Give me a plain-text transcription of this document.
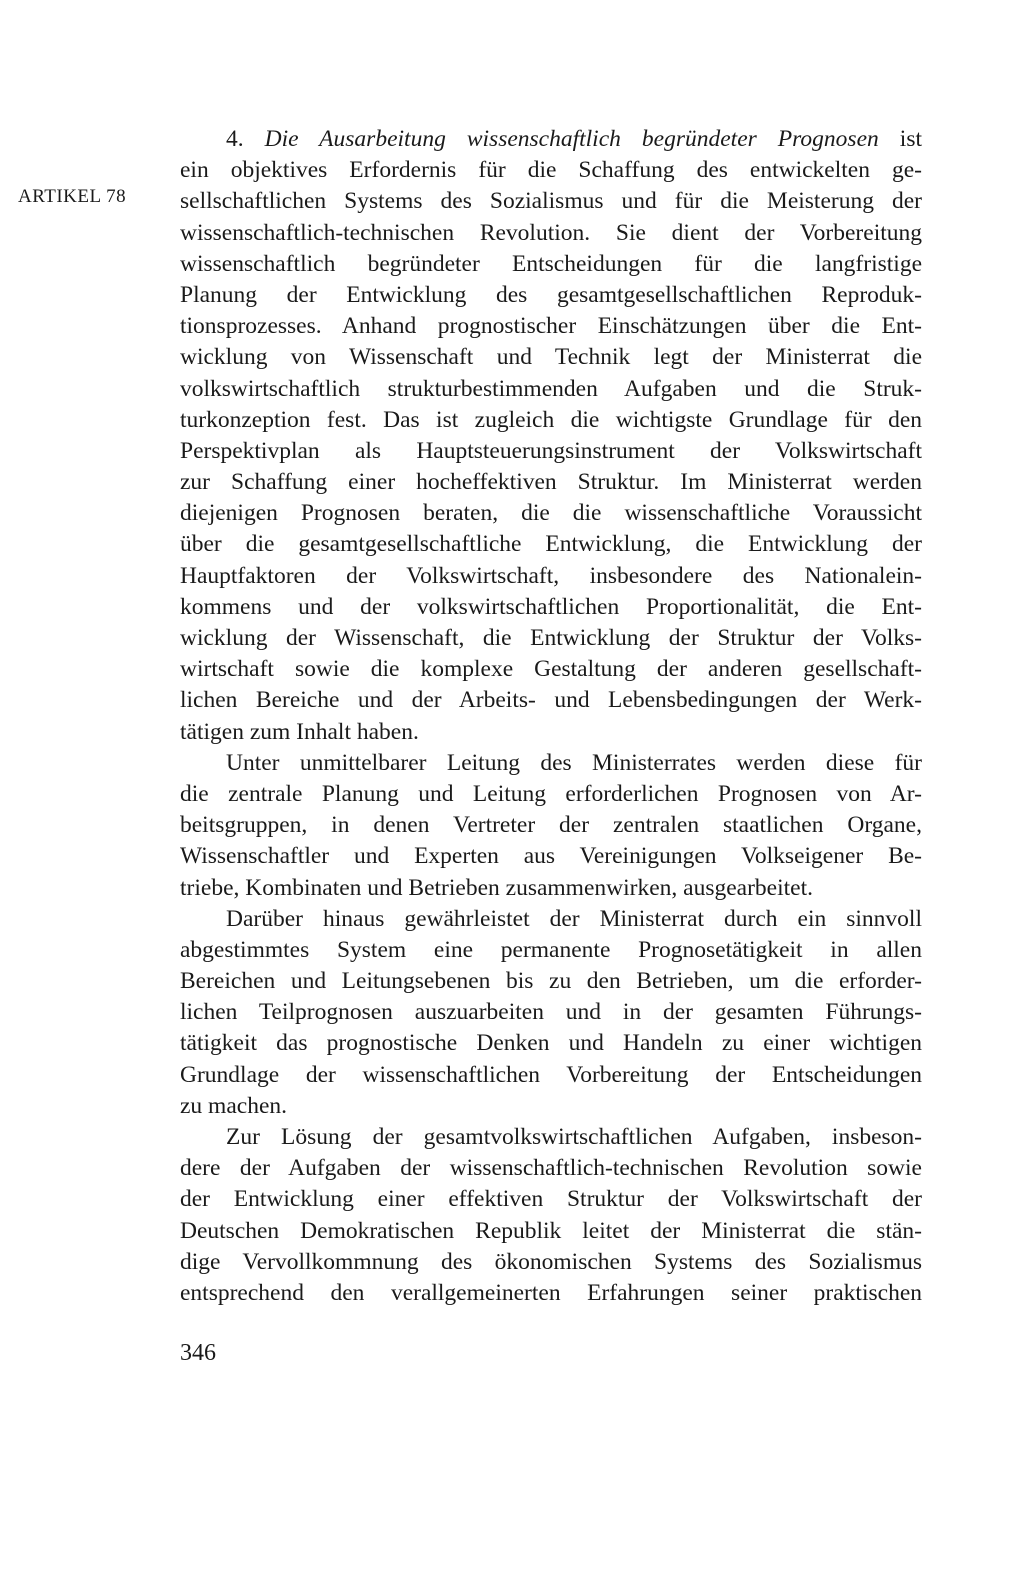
ARTIKEL 78
4. Die Ausarbeitung wissenschaftlich begründeter Prognosen ist
ein objektives Erfordernis für die Schaffung des entwickelten ge-
sellschaftlichen Systems des Sozialismus und für die Meisterung der
wissenschaftlich-technischen Revolution. Sie dient der Vorbereitung
wissenschaftlich begründeter Entscheidungen für die langfristige
Planung der Entwicklung des gesamtgesellschaftlichen Reproduk-
tionsprozesses. Anhand prognostischer Einschätzungen über die Ent-
wicklung von Wissenschaft und Technik legt der Ministerrat die
volkswirtschaftlich strukturbestimmenden Aufgaben und die Struk-
turkonzeption fest. Das ist zugleich die wichtigste Grundlage für den
Perspektivplan als Hauptsteuerungsinstrument der Volkswirtschaft
zur Schaffung einer hocheffektiven Struktur. Im Ministerrat werden
diejenigen Prognosen beraten, die die wissenschaftliche Voraussicht
über die gesamtgesellschaftliche Entwicklung, die Entwicklung der
Hauptfaktoren der Volkswirtschaft, insbesondere des Nationalein-
kommens und der volkswirtschaftlichen Proportionalität, die Ent-
wicklung der Wissenschaft, die Entwicklung der Struktur der Volks-
wirtschaft sowie die komplexe Gestaltung der anderen gesellschaft-
lichen Bereiche und der Arbeits- und Lebensbedingungen der Werk-
tätigen zum Inhalt haben.
Unter unmittelbarer Leitung des Ministerrates werden diese für
die zentrale Planung und Leitung erforderlichen Prognosen von Ar-
beitsgruppen, in denen Vertreter der zentralen staatlichen Organe,
Wissenschaftler und Experten aus Vereinigungen Volkseigener Be-
triebe, Kombinaten und Betrieben zusammenwirken, ausgearbeitet.
Darüber hinaus gewährleistet der Ministerrat durch ein sinnvoll
abgestimmtes System eine permanente Prognosetätigkeit in allen
Bereichen und Leitungsebenen bis zu den Betrieben, um die erforder-
lichen Teilprognosen auszuarbeiten und in der gesamten Führungs-
tätigkeit das prognostische Denken und Handeln zu einer wichtigen
Grundlage der wissenschaftlichen Vorbereitung der Entscheidungen
zu machen.
Zur Lösung der gesamtvolkswirtschaftlichen Aufgaben, insbeson-
dere der Aufgaben der wissenschaftlich-technischen Revolution sowie
der Entwicklung einer effektiven Struktur der Volkswirtschaft der
Deutschen Demokratischen Republik leitet der Ministerrat die stän-
dige Vervollkommnung des ökonomischen Systems des Sozialismus
entsprechend den verallgemeinerten Erfahrungen seiner praktischen
346
